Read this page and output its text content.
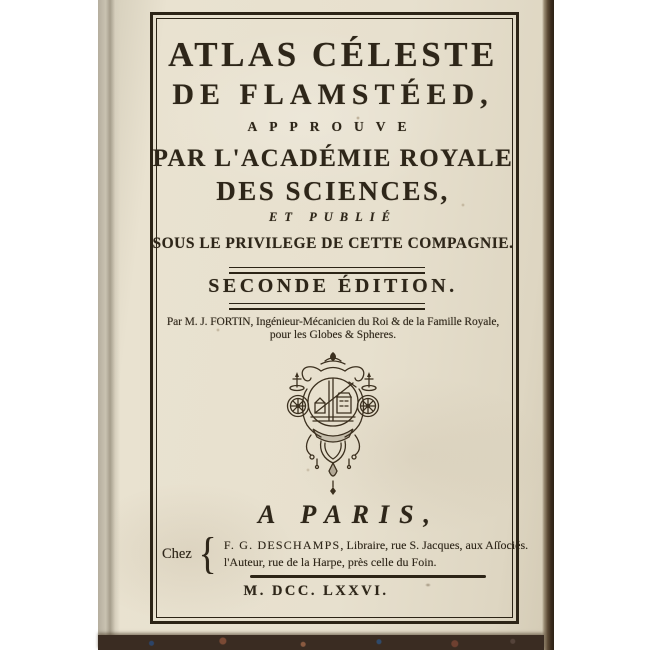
ATLAS CÉLESTE
DE FLAMSTÉED,
APPROUVE
PAR L'ACADÉMIE ROYALE
DES SCIENCES,
ET PUBLIÉ
SOUS LE PRIVILEGE DE CETTE COMPAGNIE.
SECONDE ÉDITION.
Par M. J. FORTIN, Ingénieur-Mécanicien du Roi & de la Famille Royale,
pour les Globes & Spheres.
A PARIS,
Chez { F. G. DESCHAMPS, Libraire, rue S. Jacques, aux Aſſociés.
l'Auteur, rue de la Harpe, près celle du Foin.
M. DCC. LXXVI.
